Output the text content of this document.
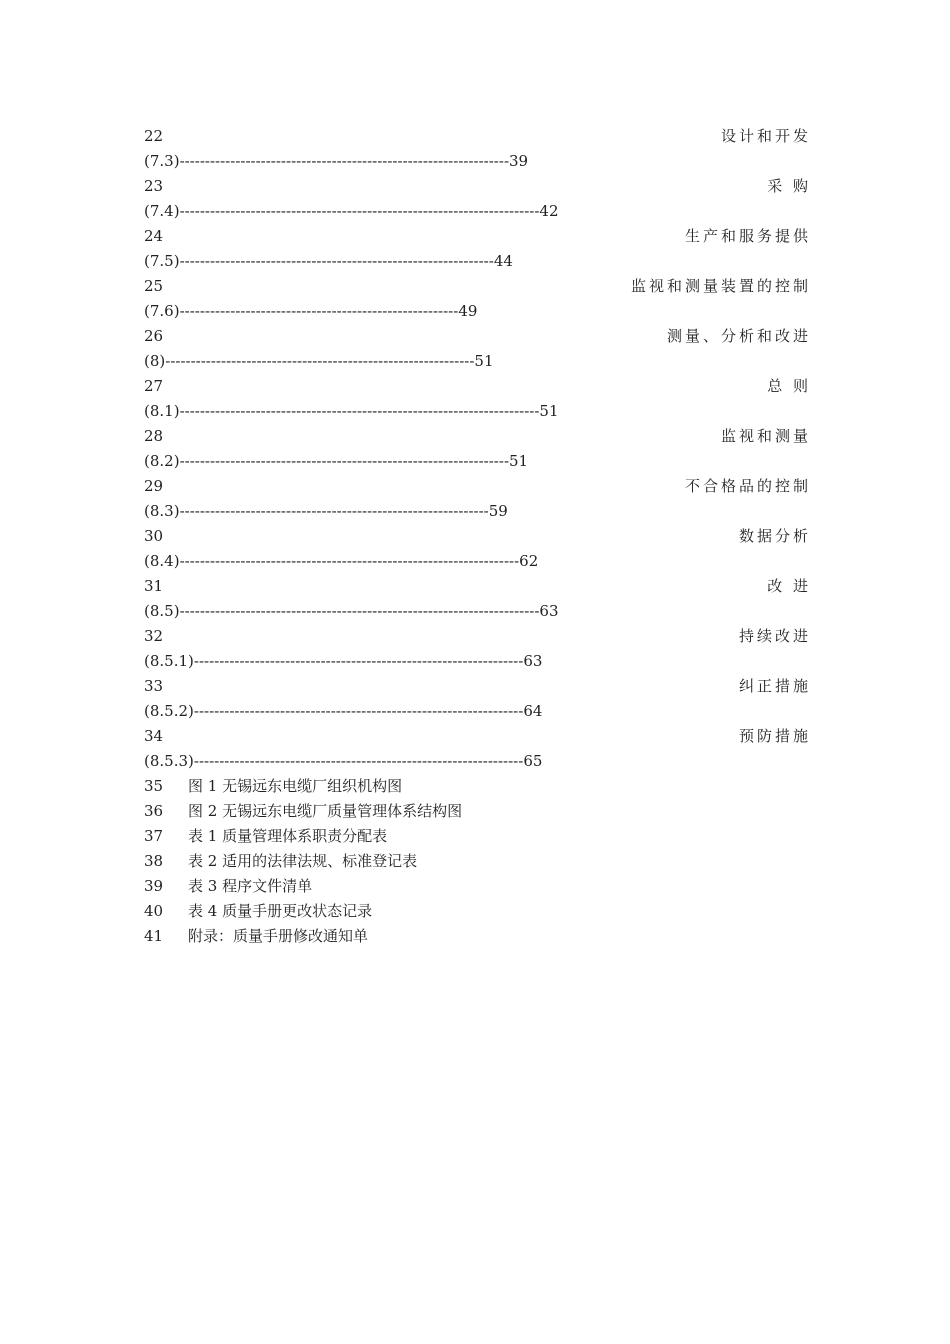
22	设计和开发
(7.3)-----------------------------------------------------------------39
23	采 购
(7.4)-----------------------------------------------------------------------42
24	生产和服务提供
(7.5)--------------------------------------------------------------44
25	监视和测量装置的控制
(7.6)-------------------------------------------------------49
26	测量、分析和改进
(8)-------------------------------------------------------------51
27	总 则
(8.1)-----------------------------------------------------------------------51
28	监视和测量
(8.2)-----------------------------------------------------------------51
29	不合格品的控制
(8.3)-------------------------------------------------------------59
30	数据分析
(8.4)-------------------------------------------------------------------62
31	改 进
(8.5)-----------------------------------------------------------------------63
32	持续改进
(8.5.1)-----------------------------------------------------------------63
33	纠正措施
(8.5.2)-----------------------------------------------------------------64
34	预防措施
(8.5.3)-----------------------------------------------------------------65
35 图 1 无锡远东电缆厂组织机构图
36 图 2 无锡远东电缆厂质量管理体系结构图
37 表 1 质量管理体系职责分配表
38 表 2 适用的法律法规、标准登记表
39 表 3 程序文件清单
40 表 4 质量手册更改状态记录
41 附录：质量手册修改通知单
